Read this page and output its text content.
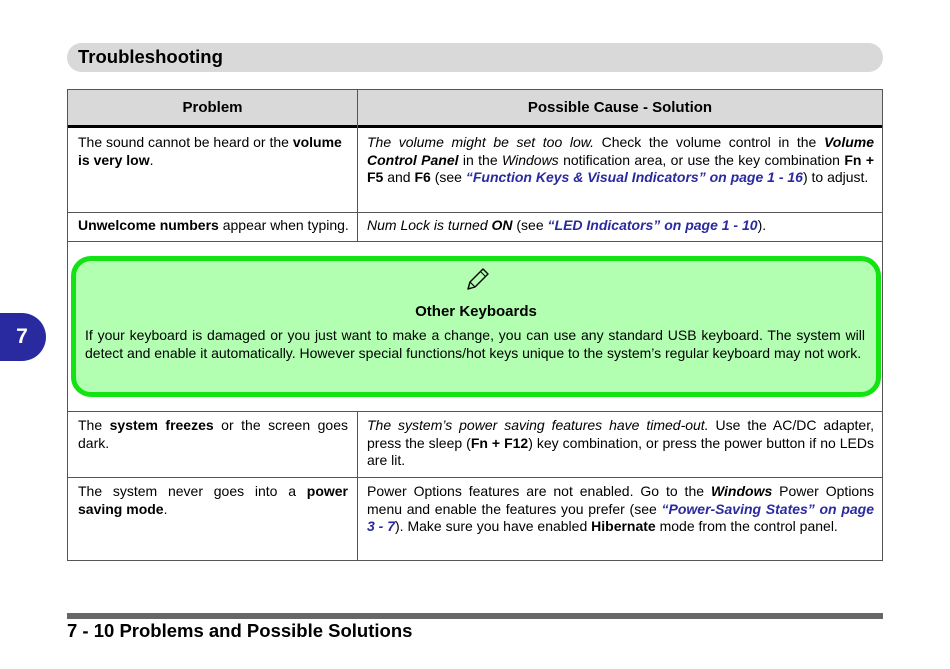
Troubleshooting
7
Problem	Possible Cause - Solution
The sound cannot be heard or the volume is very low.
The volume might be set too low. Check the volume control in the Volume Control Panel in the Windows notification area, or use the key combination Fn + F5 and F6 (see “Function Keys & Visual Indicators” on page 1 - 16) to adjust.
Unwelcome numbers appear when typing.	Num Lock is turned ON (see “LED Indicators” on page 1 - 10).
The system freezes or the screen goes dark.
The system’s power saving features have timed-out. Use the AC/DC adapter, press the sleep (Fn + F12) key combination, or press the power button if no LEDs are lit.
The system never goes into a power saving mode.
Power Options features are not enabled. Go to the Windows Power Options menu and enable the features you prefer (see “Power-Saving States” on page 3 - 7). Make sure you have enabled Hibernate mode from the control panel.
Other Keyboards
If your keyboard is damaged or you just want to make a change, you can use any standard USB keyboard. The system will detect and enable it automatically. However special functions/hot keys unique to the system’s regular keyboard may not work.
7 - 10 Problems and Possible Solutions
